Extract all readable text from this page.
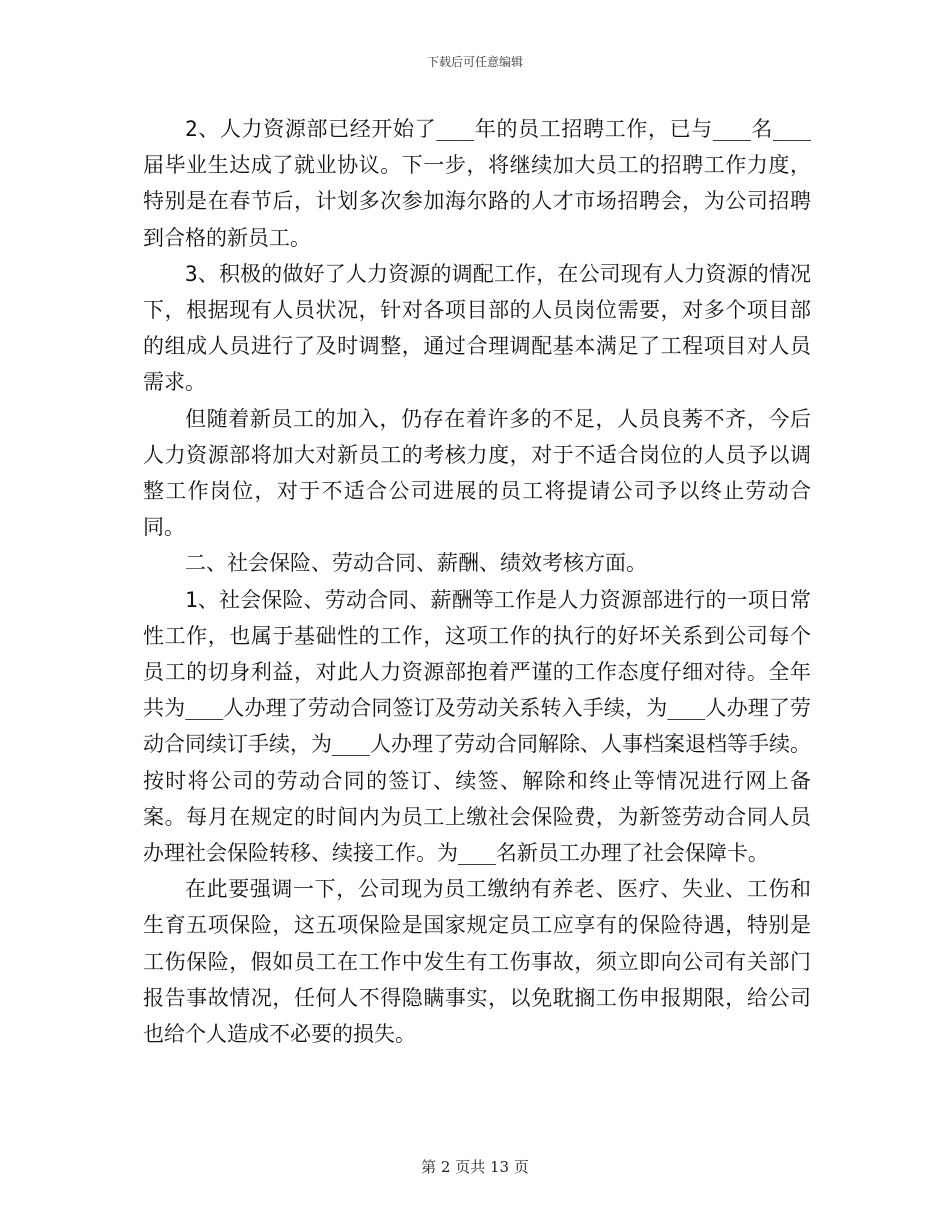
下载后可任意编辑

2、人力资源部已经开始了___年的员工招聘工作，已与___名___届毕业生达成了就业协议。下一步，将继续加大员工的招聘工作力度，特别是在春节后，计划多次参加海尔路的人才市场招聘会，为公司招聘到合格的新员工。

3、积极的做好了人力资源的调配工作，在公司现有人力资源的情况下，根据现有人员状况，针对各项目部的人员岗位需要，对多个项目部的组成人员进行了及时调整，通过合理调配基本满足了工程项目对人员需求。

但随着新员工的加入，仍存在着许多的不足，人员良莠不齐，今后人力资源部将加大对新员工的考核力度，对于不适合岗位的人员予以调整工作岗位，对于不适合公司进展的员工将提请公司予以终止劳动合同。

二、社会保险、劳动合同、薪酬、绩效考核方面。

1、社会保险、劳动合同、薪酬等工作是人力资源部进行的一项日常性工作，也属于基础性的工作，这项工作的执行的好坏关系到公司每个员工的切身利益，对此人力资源部抱着严谨的工作态度仔细对待。全年共为___人办理了劳动合同签订及劳动关系转入手续，为___人办理了劳动合同续订手续，为___人办理了劳动合同解除、人事档案退档等手续。按时将公司的劳动合同的签订、续签、解除和终止等情况进行网上备案。每月在规定的时间内为员工上缴社会保险费，为新签劳动合同人员办理社会保险转移、续接工作。为___名新员工办理了社会保障卡。

在此要强调一下，公司现为员工缴纳有养老、医疗、失业、工伤和生育五项保险，这五项保险是国家规定员工应享有的保险待遇，特别是工伤保险，假如员工在工作中发生有工伤事故，须立即向公司有关部门报告事故情况，任何人不得隐瞒事实，以免耽搁工伤申报期限，给公司也给个人造成不必要的损失。

第 2 页共 13 页
